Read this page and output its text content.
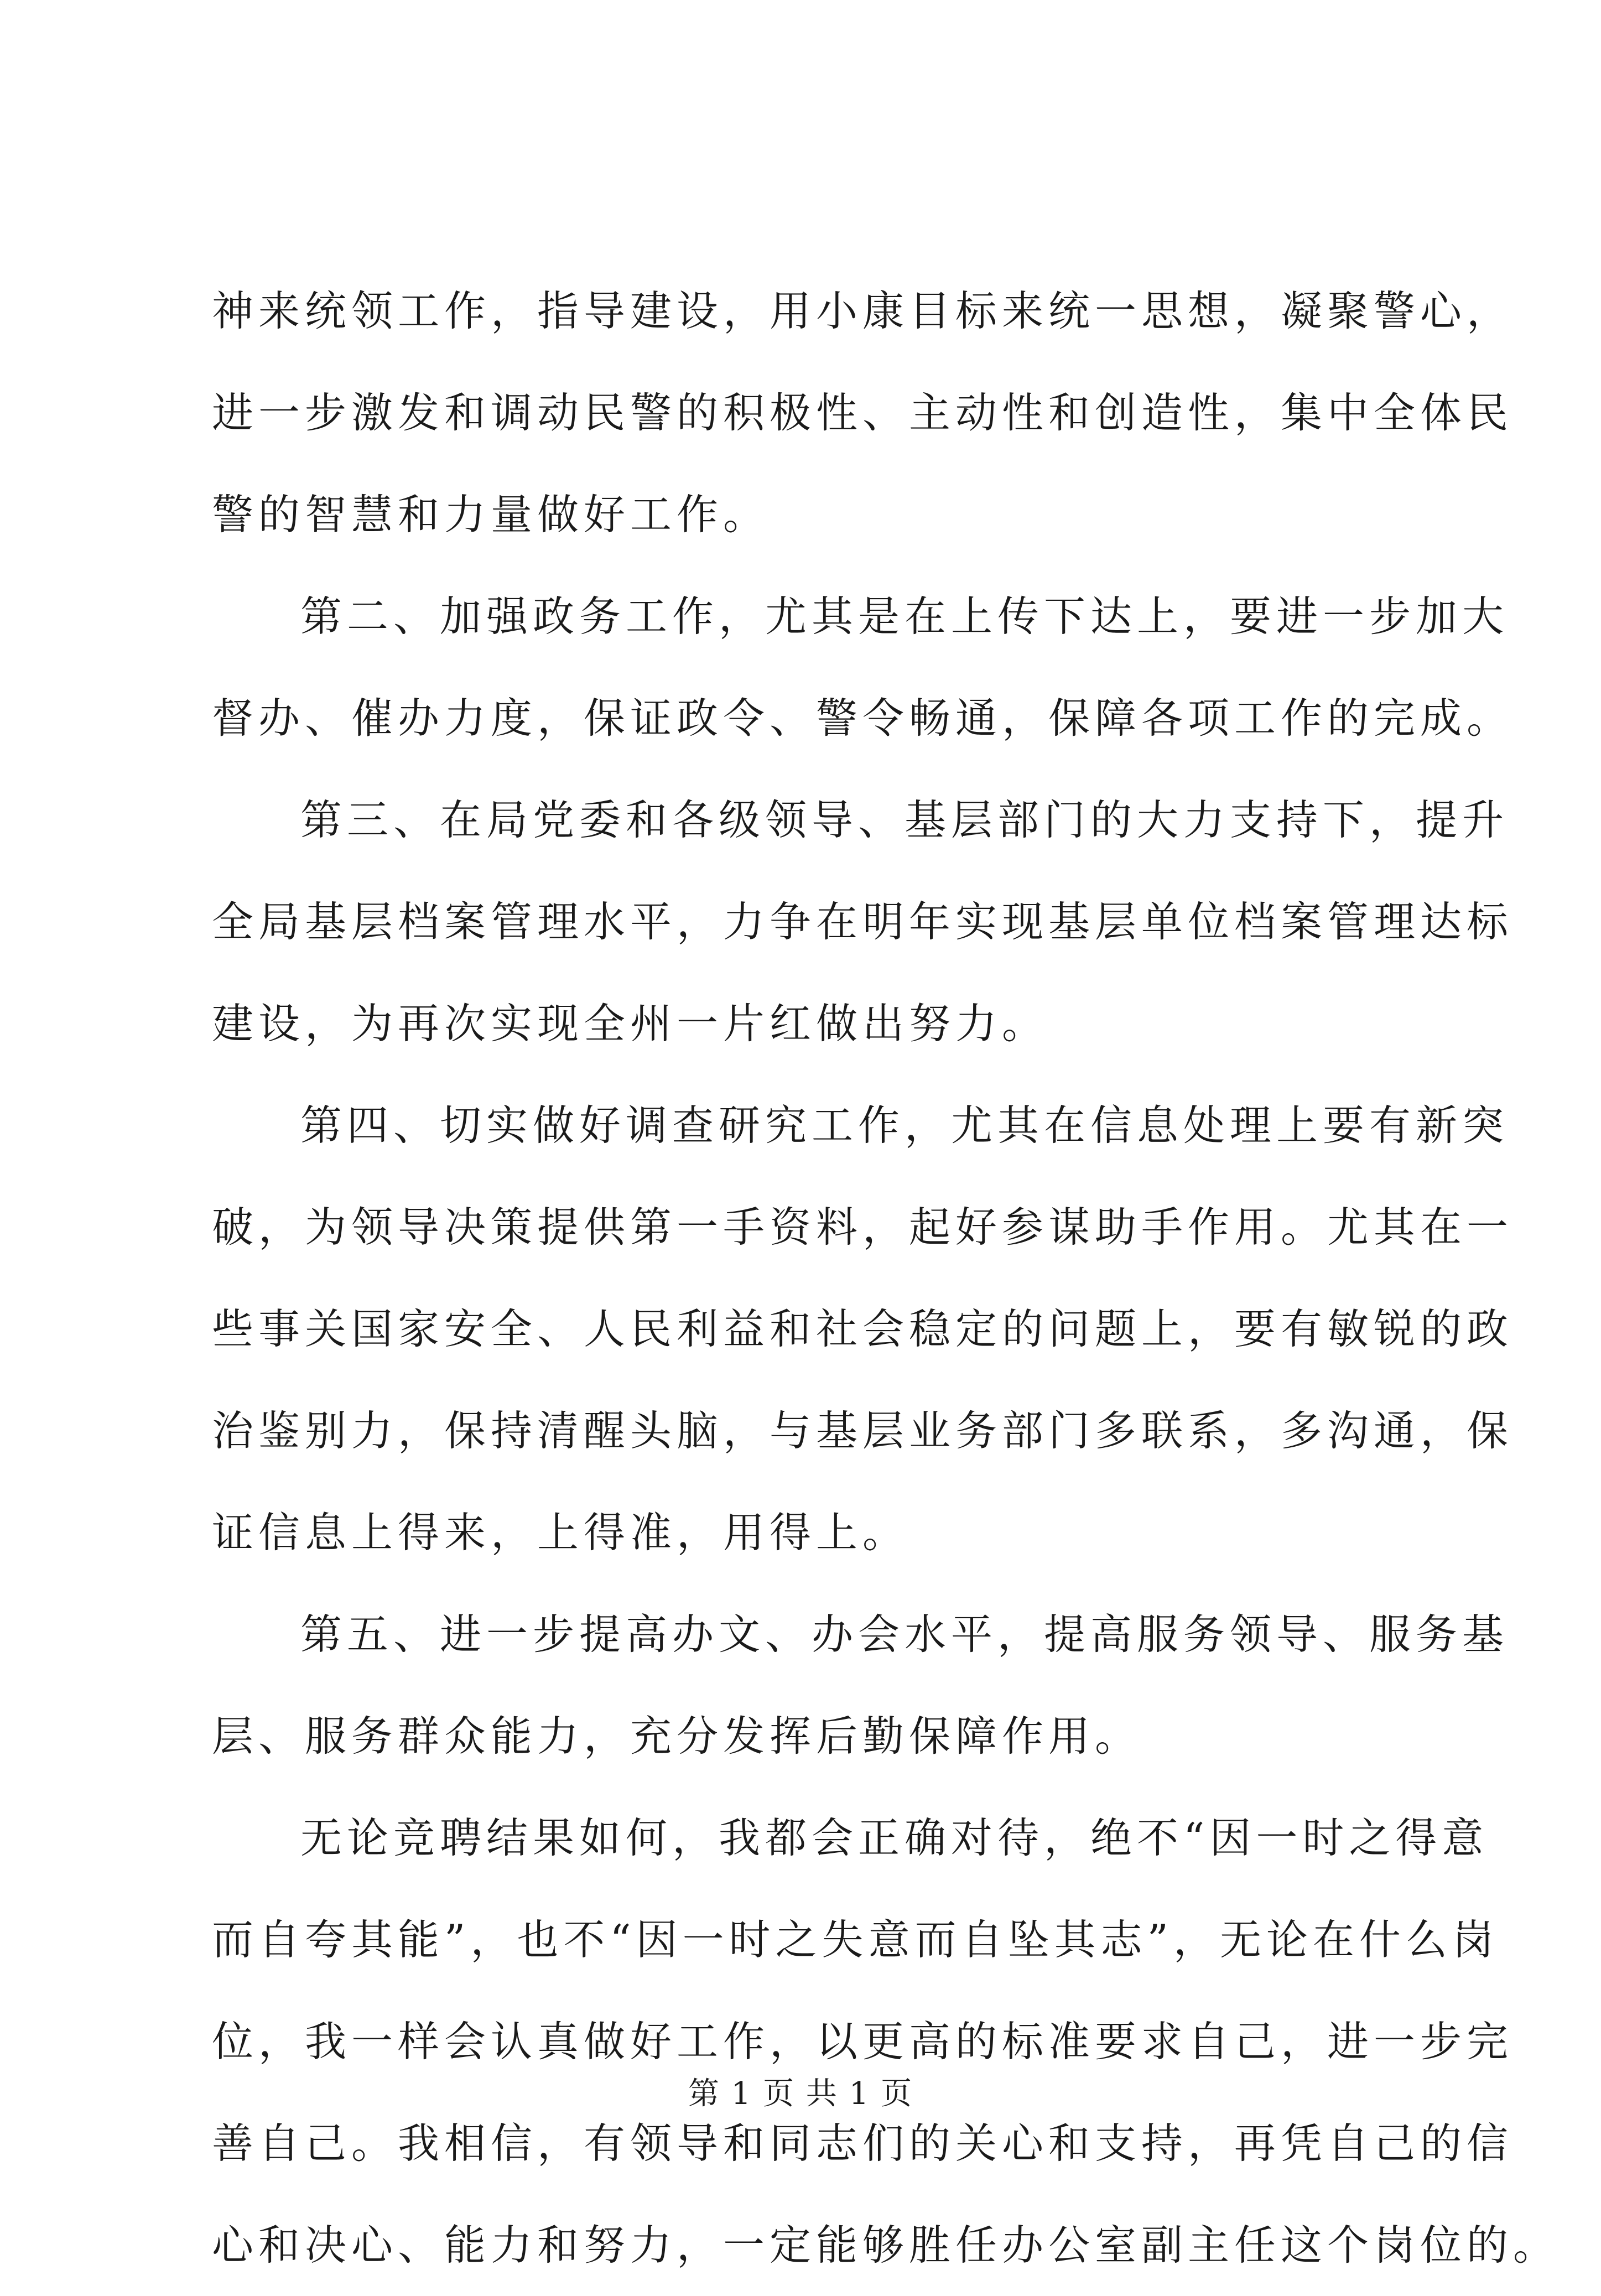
神来统领工作，指导建设，用小康目标来统一思想，凝聚警心，
进一步激发和调动民警的积极性、主动性和创造性，集中全体民
警的智慧和力量做好工作。
第二、加强政务工作，尤其是在上传下达上，要进一步加大
督办、催办力度，保证政令、警令畅通，保障各项工作的完成。
第三、在局党委和各级领导、基层部门的大力支持下，提升
全局基层档案管理水平，力争在明年实现基层单位档案管理达标
建设，为再次实现全州一片红做出努力。
第四、切实做好调查研究工作，尤其在信息处理上要有新突
破，为领导决策提供第一手资料，起好参谋助手作用。尤其在一
些事关国家安全、人民利益和社会稳定的问题上，要有敏锐的政
治鉴别力，保持清醒头脑，与基层业务部门多联系，多沟通，保
证信息上得来，上得准，用得上。
第五、进一步提高办文、办会水平，提高服务领导、服务基
层、服务群众能力，充分发挥后勤保障作用。
无论竞聘结果如何，我都会正确对待，绝不“因一时之得意
而自夸其能”，也不“因一时之失意而自坠其志”，无论在什么岗
位，我一样会认真做好工作，以更高的标准要求自己，进一步完
善自己。我相信，有领导和同志们的关心和支持，再凭自己的信
心和决心、能力和努力，一定能够胜任办公室副主任这个岗位的。
第 1 页 共 1 页
